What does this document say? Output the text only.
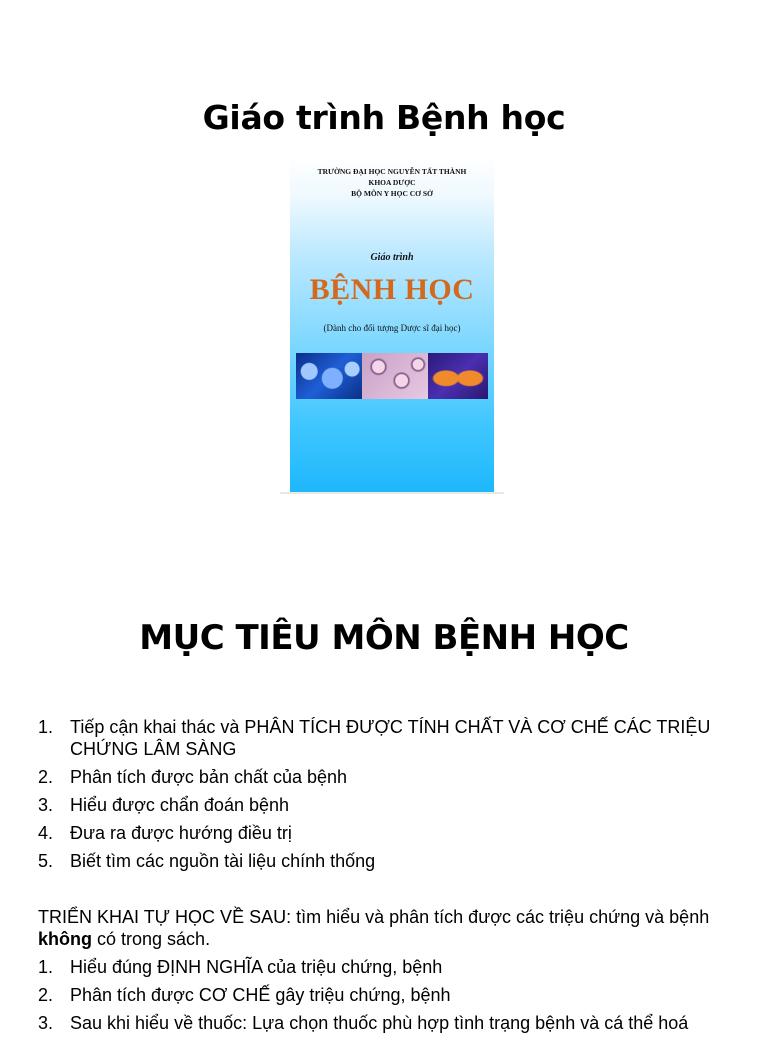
Giáo trình Bệnh học
TRƯỜNG ĐẠI HỌC NGUYỄN TẤT THÀNH
KHOA DƯỢC
BỘ MÔN Y HỌC CƠ SỞ
Giáo trình
BỆNH HỌC
(Dành cho đối tượng Dược sĩ đại học)
MỤC TIÊU MÔN BỆNH HỌC
1. Tiếp cận khai thác và PHÂN TÍCH ĐƯỢC TÍNH CHẤT VÀ CƠ CHẾ CÁC TRIỆU CHỨNG LÂM SÀNG
2. Phân tích được bản chất của bệnh
3. Hiểu được chẩn đoán bệnh
4. Đưa ra được hướng điều trị
5. Biết tìm các nguồn tài liệu chính thống

TRIỂN KHAI TỰ HỌC VỀ SAU: tìm hiểu và phân tích được các triệu chứng và bệnh không có trong sách.

1. Hiểu đúng ĐỊNH NGHĨA của triệu chứng, bệnh
2. Phân tích được CƠ CHẾ gây triệu chứng, bệnh
3. Sau khi hiểu về thuốc: Lựa chọn thuốc phù hợp tình trạng bệnh và cá thể hoá
